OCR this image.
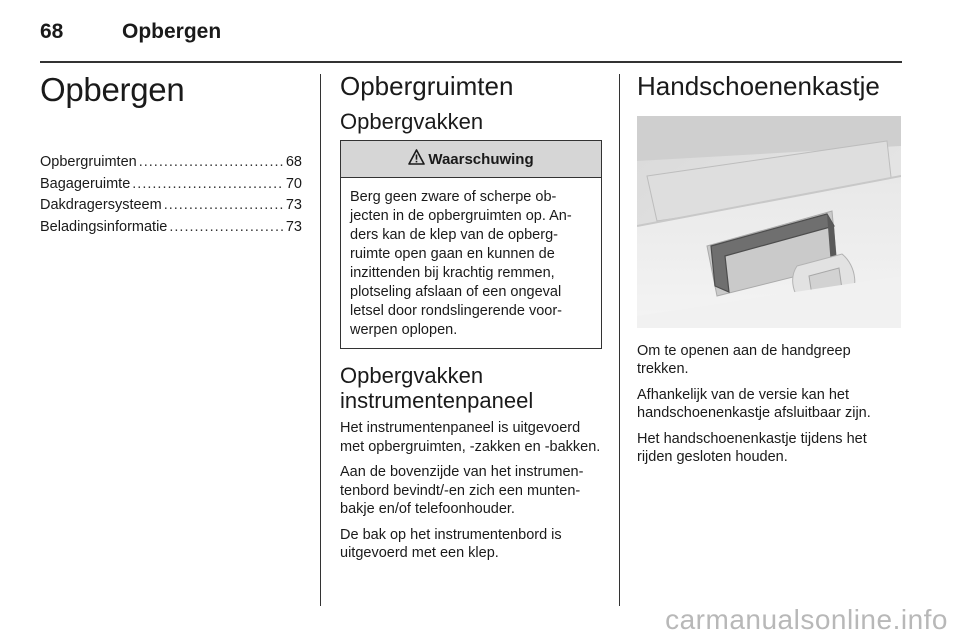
68	Opbergen
Opbergen
Opbergruimten .....	68
Bagageruimte .....	70
Dakdragersysteem .....	73
Beladingsinformatie .....	73
Opbergruimten
Opbergvakken
Waarschuwing
Berg geen zware of scherpe ob-
jecten in de opbergruimten op. An-
ders kan de klep van de opberg-
ruimte open gaan en kunnen de
inzittenden bij krachtig remmen,
plotseling afslaan of een ongeval
letsel door rondslingerende voor-
werpen oplopen.
Opbergvakken
instrumentenpaneel

Het instrumentenpaneel is uitgevoerd met opbergruimten, -zakken en -bakken.

Aan de bovenzijde van het instrumentenbord bevindt/-en zich een muntenbakje en/of telefoonhouder.

De bak op het instrumentenbord is uitgevoerd met een klep.

Handschoenenkastje

Om te openen aan de handgreep trekken.

Afhankelijk van de versie kan het handschoenenkastje afsluitbaar zijn.

Het handschoenenkastje tijdens het rijden gesloten houden.

carmanualsonline.info
